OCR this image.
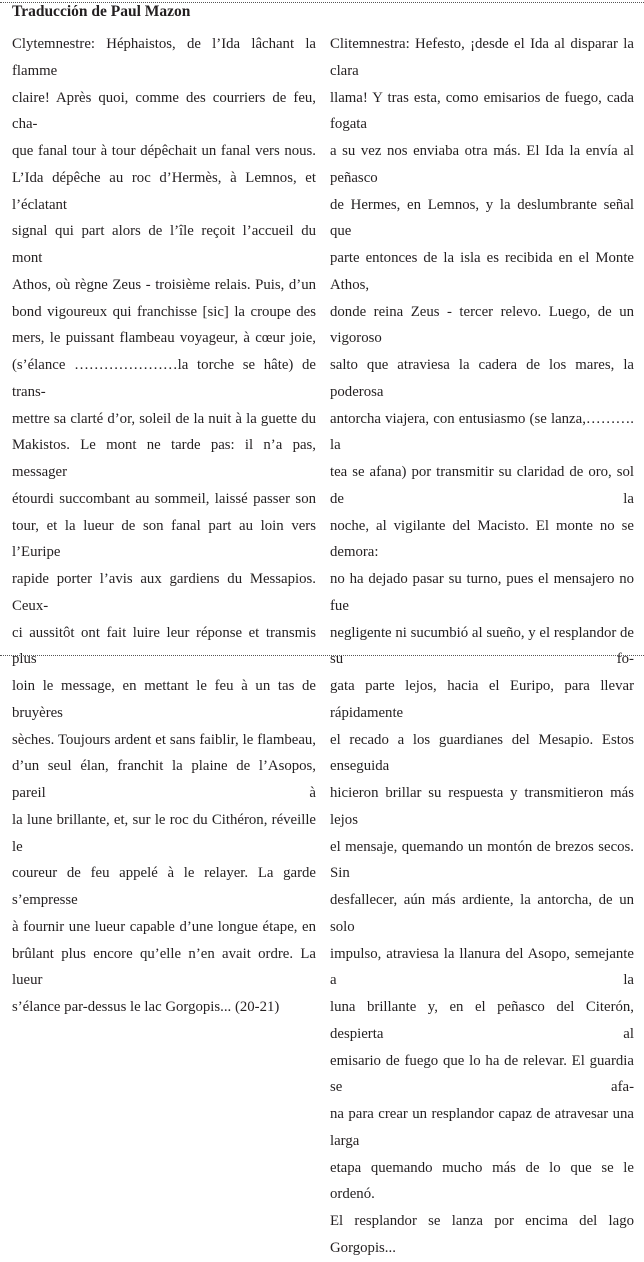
Traducción de Paul Mazon
Clytemnestre: Héphaistos, de l’Ida lâchant la flamme
claire! Après quoi, comme des courriers de feu, cha-
que fanal tour à tour dépêchait un fanal vers nous.
L’Ida dépêche au roc d’Hermès, à Lemnos, et l’éclatant
signal qui part alors de l’île reçoit l’accueil du mont
Athos, où règne Zeus - troisième relais. Puis, d’un
bond vigoureux qui franchisse [sic] la croupe des
mers, le puissant flambeau voyageur, à cœur joie,
(s’élance …………………la torche se hâte) de trans-
mettre sa clarté d’or, soleil de la nuit à la guette du
Makistos. Le mont ne tarde pas: il n’a pas, messager
étourdi succombant au sommeil, laissé passer son
tour, et la lueur de son fanal part au loin vers l’Euripe
rapide porter l’avis aux gardiens du Messapios. Ceux-
ci aussitôt ont fait luire leur réponse et transmis plus
loin le message, en mettant le feu à un tas de bruyères
sèches. Toujours ardent et sans faiblir, le flambeau,
d’un seul élan, franchit la plaine de l’Asopos, pareil à
la lune brillante, et, sur le roc du Cithéron, réveille le
coureur de feu appelé à le relayer. La garde s’empresse
à fournir une lueur capable d’une longue étape, en
brûlant plus encore qu’elle n’en avait ordre. La lueur
s’élance par-dessus le lac Gorgopis... (20-21)
Clitemnestra: Hefesto, ¡desde el Ida al disparar la clara
llama! Y tras esta, como emisarios de fuego, cada fogata
a su vez nos enviaba otra más. El Ida la envía al peñasco
de Hermes, en Lemnos, y la deslumbrante señal que
parte entonces de la isla es recibida en el Monte Athos,
donde reina Zeus - tercer relevo. Luego, de un vigoroso
salto que atraviesa la cadera de los mares, la poderosa
antorcha viajera, con entusiasmo (se lanza,………. la
tea se afana) por transmitir su claridad de oro, sol de la
noche, al vigilante del Macisto. El monte no se demora:
no ha dejado pasar su turno, pues el mensajero no fue
negligente ni sucumbió al sueño, y el resplandor de su fo-
gata parte lejos, hacia el Euripo, para llevar rápidamente
el recado a los guardianes del Mesapio. Estos enseguida
hicieron brillar su respuesta y transmitieron más lejos
el mensaje, quemando un montón de brezos secos. Sin
desfallecer, aún más ardiente, la antorcha, de un solo
impulso, atraviesa la llanura del Asopo, semejante a la
luna brillante y, en el peñasco del Citerón, despierta al
emisario de fuego que lo ha de relevar. El guardia se afa-
na para crear un resplandor capaz de atravesar una larga
etapa quemando mucho más de lo que se le ordenó.
El resplandor se lanza por encima del lago Gorgopis...
